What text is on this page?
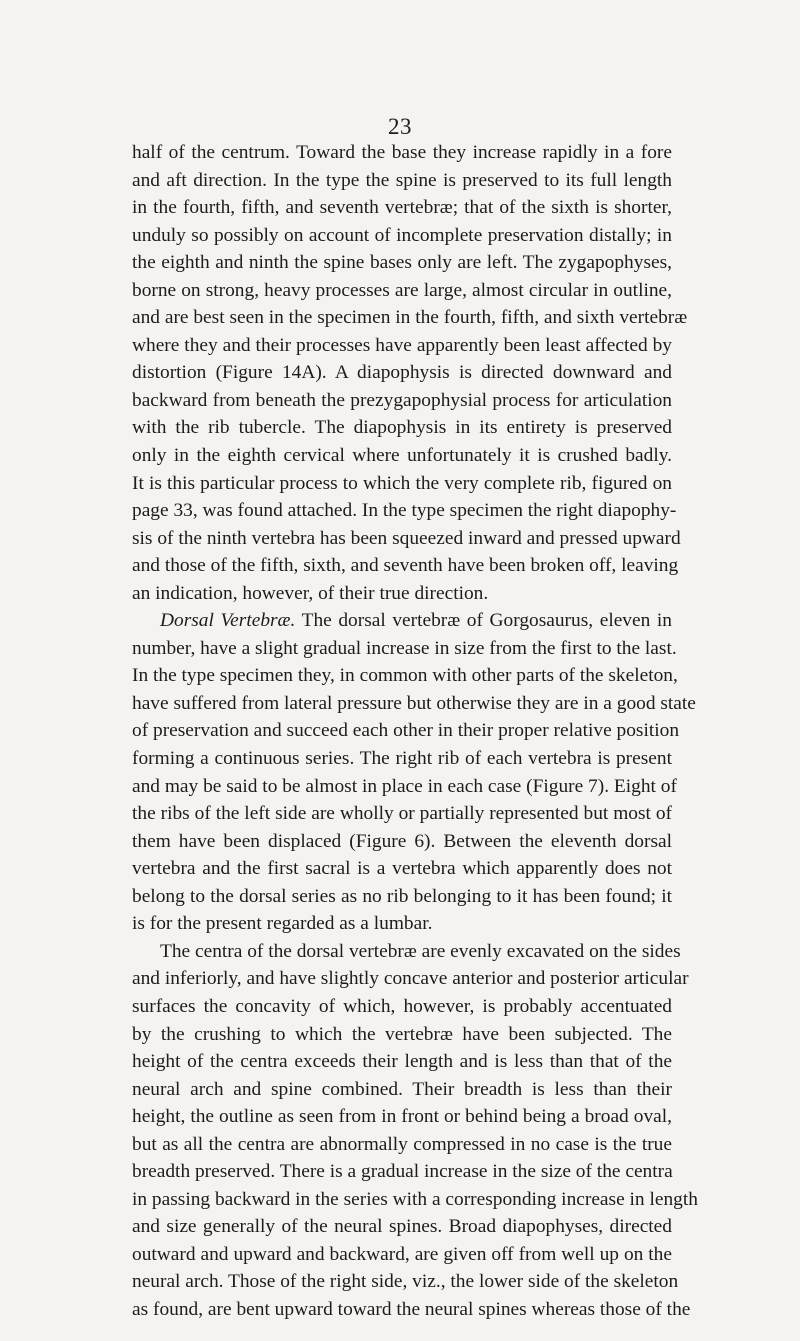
23
half of the centrum. Toward the base they increase rapidly in a fore
and aft direction. In the type the spine is preserved to its full length
in the fourth, fifth, and seventh vertebræ; that of the sixth is shorter,
unduly so possibly on account of incomplete preservation distally; in
the eighth and ninth the spine bases only are left. The zygapophyses,
borne on strong, heavy processes are large, almost circular in outline,
and are best seen in the specimen in the fourth, fifth, and sixth vertebræ
where they and their processes have apparently been least affected by
distortion (Figure 14A). A diapophysis is directed downward and
backward from beneath the prezygapophysial process for articulation
with the rib tubercle. The diapophysis in its entirety is preserved
only in the eighth cervical where unfortunately it is crushed badly.
It is this particular process to which the very complete rib, figured on
page 33, was found attached. In the type specimen the right diapophy-
sis of the ninth vertebra has been squeezed inward and pressed upward
and those of the fifth, sixth, and seventh have been broken off, leaving
an indication, however, of their true direction.
Dorsal Vertebræ. The dorsal vertebræ of Gorgosaurus, eleven in
number, have a slight gradual increase in size from the first to the last.
In the type specimen they, in common with other parts of the skeleton,
have suffered from lateral pressure but otherwise they are in a good state
of preservation and succeed each other in their proper relative position
forming a continuous series. The right rib of each vertebra is present
and may be said to be almost in place in each case (Figure 7). Eight of
the ribs of the left side are wholly or partially represented but most of
them have been displaced (Figure 6). Between the eleventh dorsal
vertebra and the first sacral is a vertebra which apparently does not
belong to the dorsal series as no rib belonging to it has been found; it
is for the present regarded as a lumbar.
The centra of the dorsal vertebræ are evenly excavated on the sides
and inferiorly, and have slightly concave anterior and posterior articular
surfaces the concavity of which, however, is probably accentuated
by the crushing to which the vertebræ have been subjected. The
height of the centra exceeds their length and is less than that of the
neural arch and spine combined. Their breadth is less than their
height, the outline as seen from in front or behind being a broad oval,
but as all the centra are abnormally compressed in no case is the true
breadth preserved. There is a gradual increase in the size of the centra
in passing backward in the series with a corresponding increase in length
and size generally of the neural spines. Broad diapophyses, directed
outward and upward and backward, are given off from well up on the
neural arch. Those of the right side, viz., the lower side of the skeleton
as found, are bent upward toward the neural spines whereas those of the
